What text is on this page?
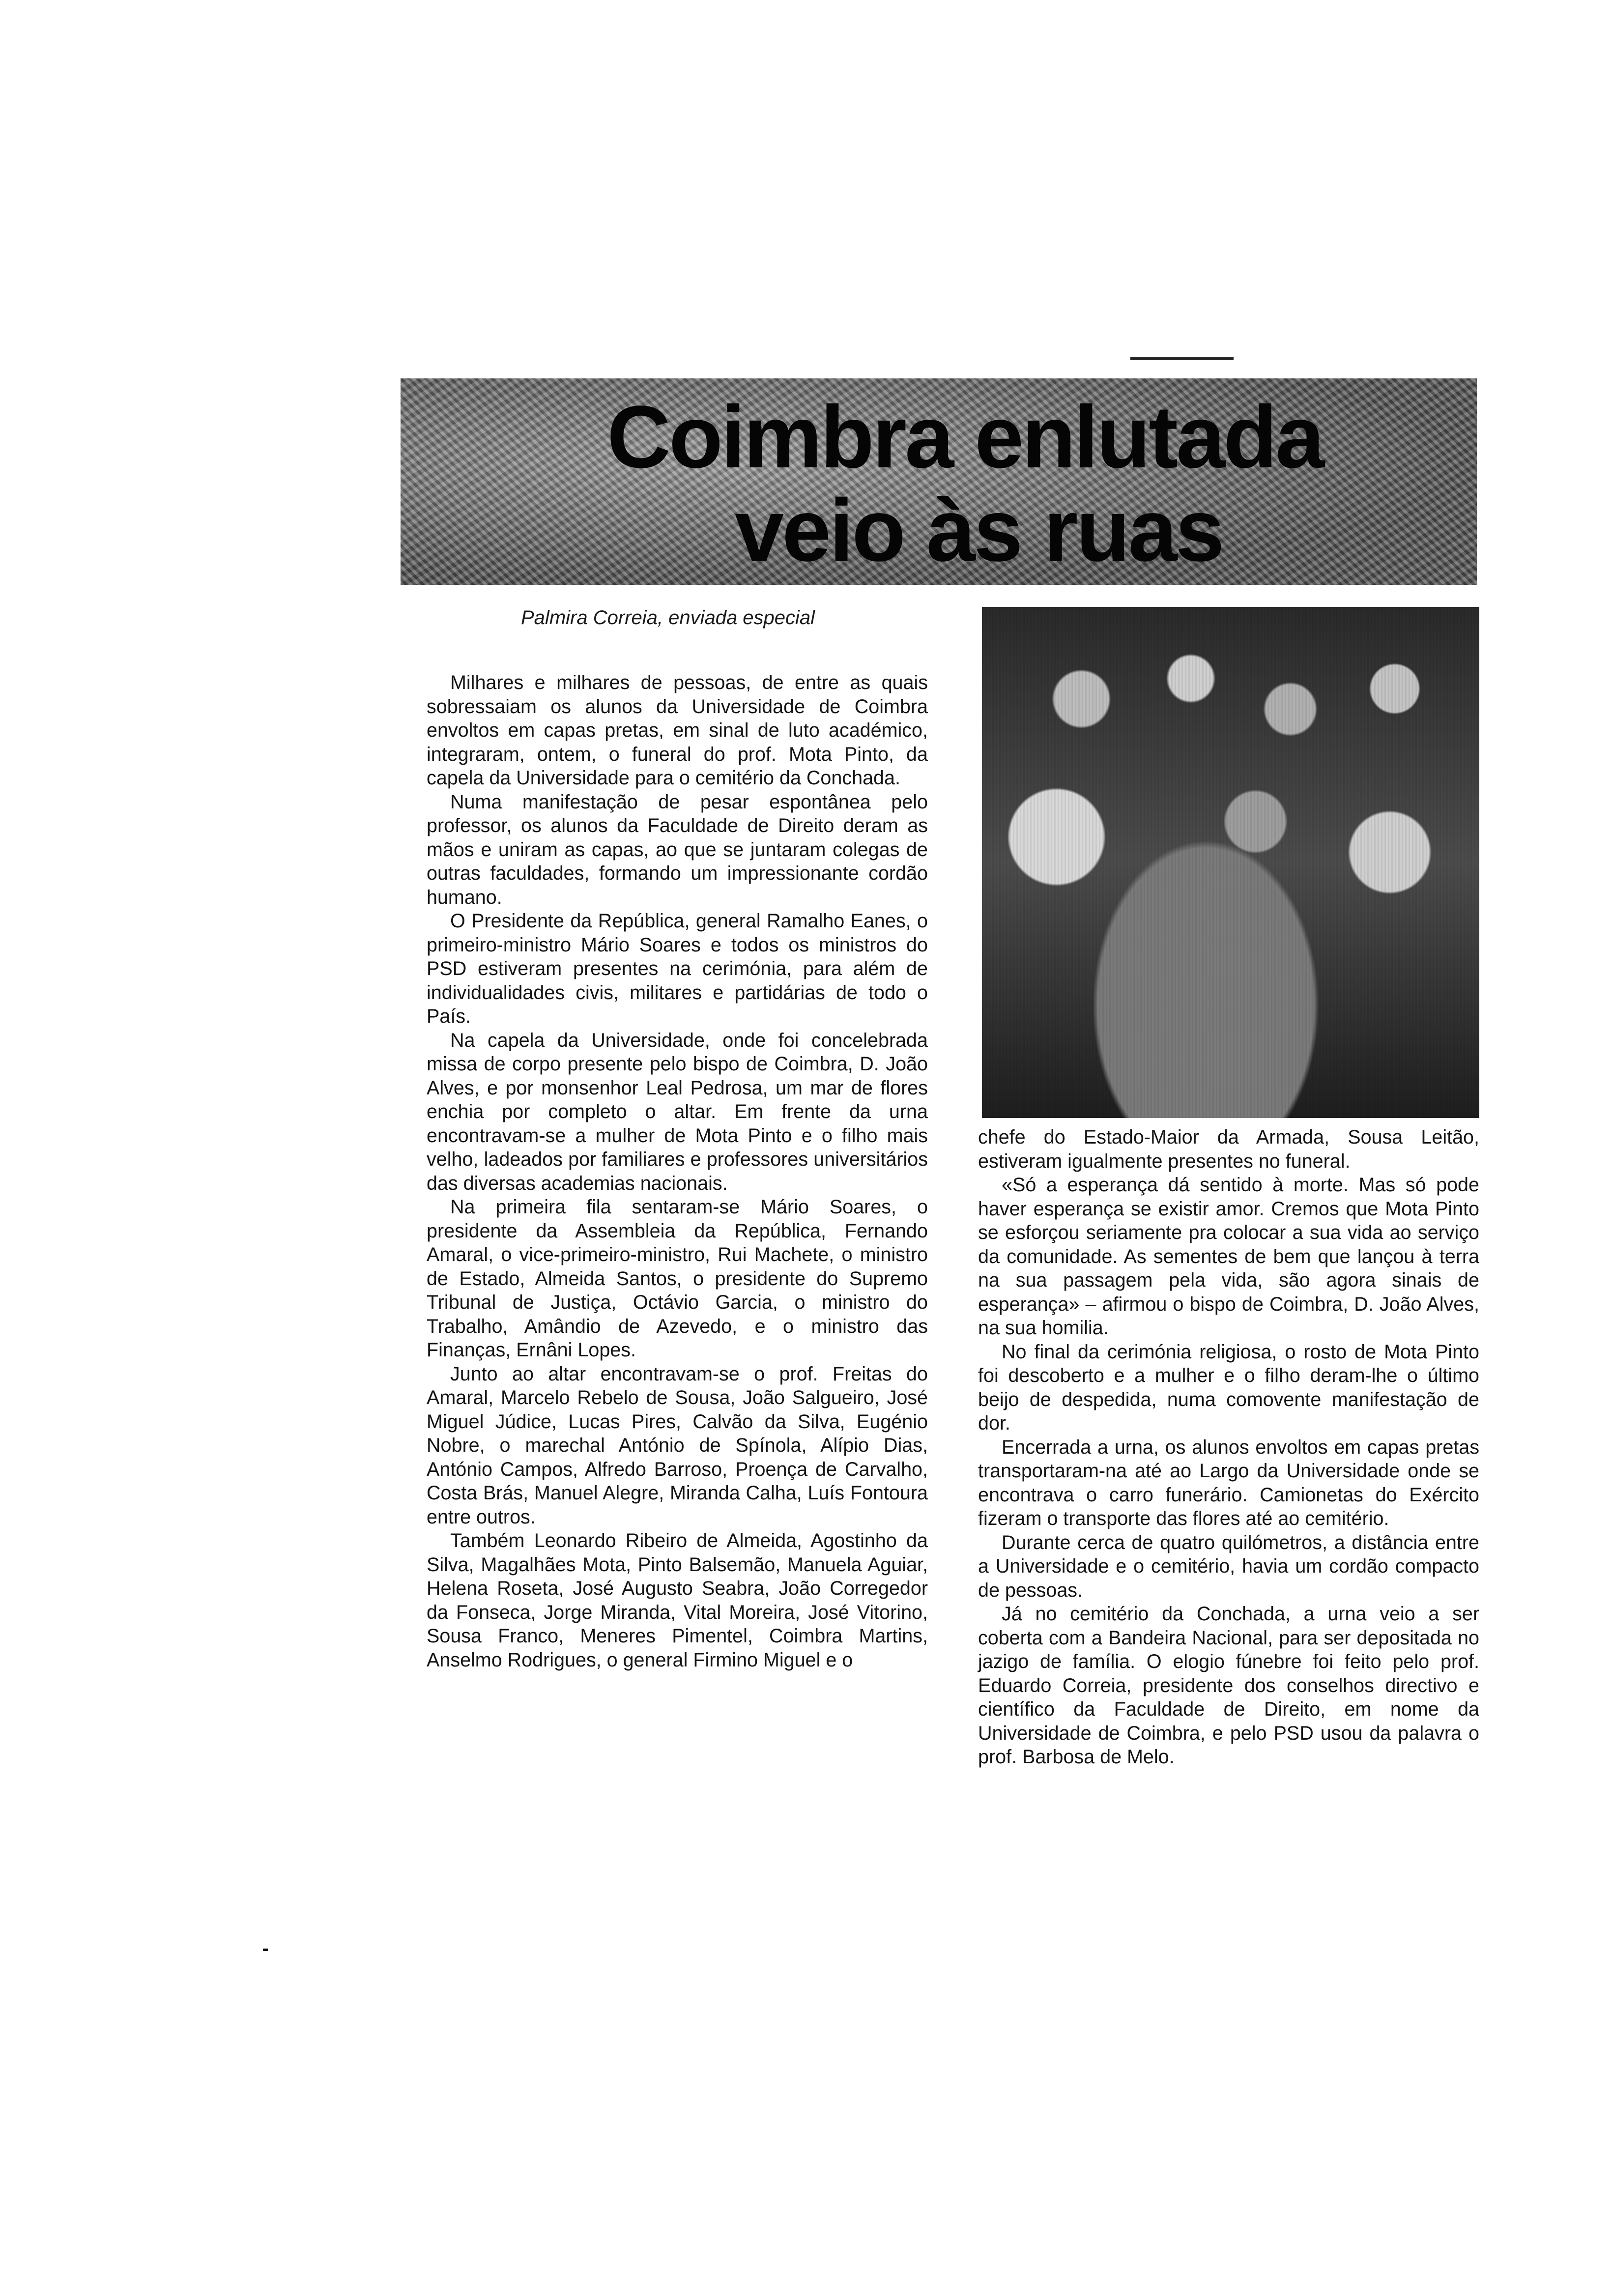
Coimbra enlutada
veio às ruas
Palmira Correia, enviada especial

Milhares e milhares de pessoas, de entre as quais sobressaiam os alunos da Universidade de Coimbra envoltos em capas pretas, em sinal de luto académico, integraram, ontem, o funeral do prof. Mota Pinto, da capela da Universidade para o cemitério da Conchada.

Numa manifestação de pesar espontânea pelo professor, os alunos da Faculdade de Direito deram as mãos e uniram as capas, ao que se juntaram colegas de outras faculdades, formando um impressionante cordão humano.

O Presidente da República, general Ramalho Eanes, o primeiro-ministro Mário Soares e todos os ministros do PSD estiveram presentes na cerimónia, para além de individualidades civis, militares e partidárias de todo o País.

Na capela da Universidade, onde foi concelebrada missa de corpo presente pelo bispo de Coimbra, D. João Alves, e por monsenhor Leal Pedrosa, um mar de flores enchia por completo o altar. Em frente da urna encontravam-se a mulher de Mota Pinto e o filho mais velho, ladeados por familiares e professores universitários das diversas academias nacionais.

Na primeira fila sentaram-se Mário Soares, o presidente da Assembleia da República, Fernando Amaral, o vice-primeiro-ministro, Rui Machete, o ministro de Estado, Almeida Santos, o presidente do Supremo Tribunal de Justiça, Octávio Garcia, o ministro do Trabalho, Amândio de Azevedo, e o ministro das Finanças, Ernâni Lopes.

Junto ao altar encontravam-se o prof. Freitas do Amaral, Marcelo Rebelo de Sousa, João Salgueiro, José Miguel Júdice, Lucas Pires, Calvão da Silva, Eugénio Nobre, o marechal António de Spínola, Alípio Dias, António Campos, Alfredo Barroso, Proença de Carvalho, Costa Brás, Manuel Alegre, Miranda Calha, Luís Fontoura entre outros.

Também Leonardo Ribeiro de Almeida, Agostinho da Silva, Magalhães Mota, Pinto Balsemão, Manuela Aguiar, Helena Roseta, José Augusto Seabra, João Corregedor da Fonseca, Jorge Miranda, Vital Moreira, José Vitorino, Sousa Franco, Meneres Pimentel, Coimbra Martins, Anselmo Rodrigues, o general Firmino Miguel e o

chefe do Estado-Maior da Armada, Sousa Leitão, estiveram igualmente presentes no funeral.

«Só a esperança dá sentido à morte. Mas só pode haver esperança se existir amor. Cremos que Mota Pinto se esforçou seriamente pra colocar a sua vida ao serviço da comunidade. As sementes de bem que lançou à terra na sua passagem pela vida, são agora sinais de esperança» – afirmou o bispo de Coimbra, D. João Alves, na sua homilia.

No final da cerimónia religiosa, o rosto de Mota Pinto foi descoberto e a mulher e o filho deram-lhe o último beijo de despedida, numa comovente manifestação de dor.

Encerrada a urna, os alunos envoltos em capas pretas transportaram-na até ao Largo da Universidade onde se encontrava o carro funerário. Camionetas do Exército fizeram o transporte das flores até ao cemitério.

Durante cerca de quatro quilómetros, a distância entre a Universidade e o cemitério, havia um cordão compacto de pessoas.

Já no cemitério da Conchada, a urna veio a ser coberta com a Bandeira Nacional, para ser depositada no jazigo de família. O elogio fúnebre foi feito pelo prof. Eduardo Correia, presidente dos conselhos directivo e científico da Faculdade de Direito, em nome da Universidade de Coimbra, e pelo PSD usou da palavra o prof. Barbosa de Melo.
